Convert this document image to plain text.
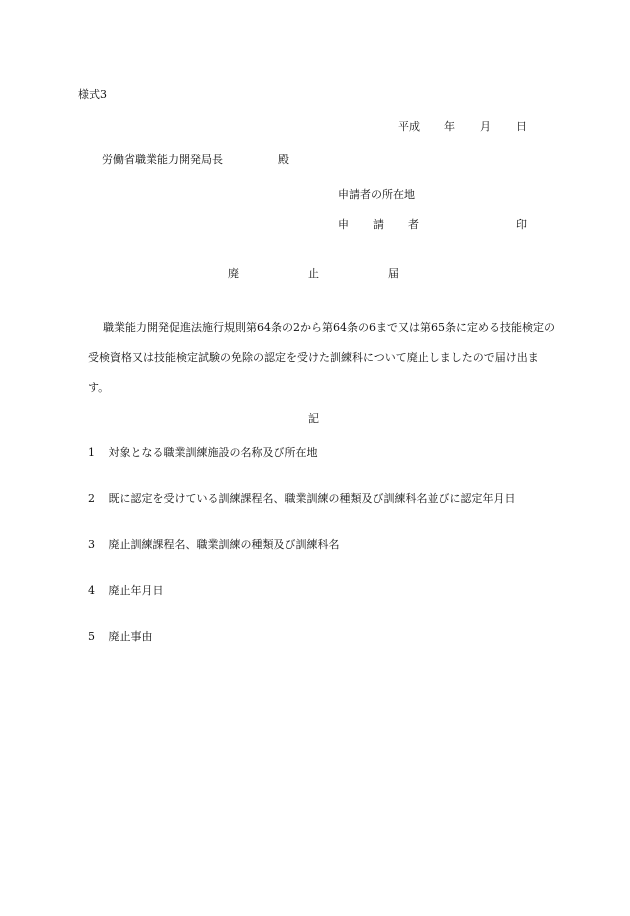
様式3
平成 年 月 日
労働省職業能力開発局長	殿
申請者の所在地
申 請 者	印
廃	止	届
職業能力開発促進法施行規則第64条の2から第64条の6まで又は第65条に定める技能検定の受検資格又は技能検定試験の免除の認定を受けた訓練科について廃止しましたので届け出ます。
記
1 対象となる職業訓練施設の名称及び所在地
2 既に認定を受けている訓練課程名、職業訓練の種類及び訓練科名並びに認定年月日
3 廃止訓練課程名、職業訓練の種類及び訓練科名
4 廃止年月日
5 廃止事由
